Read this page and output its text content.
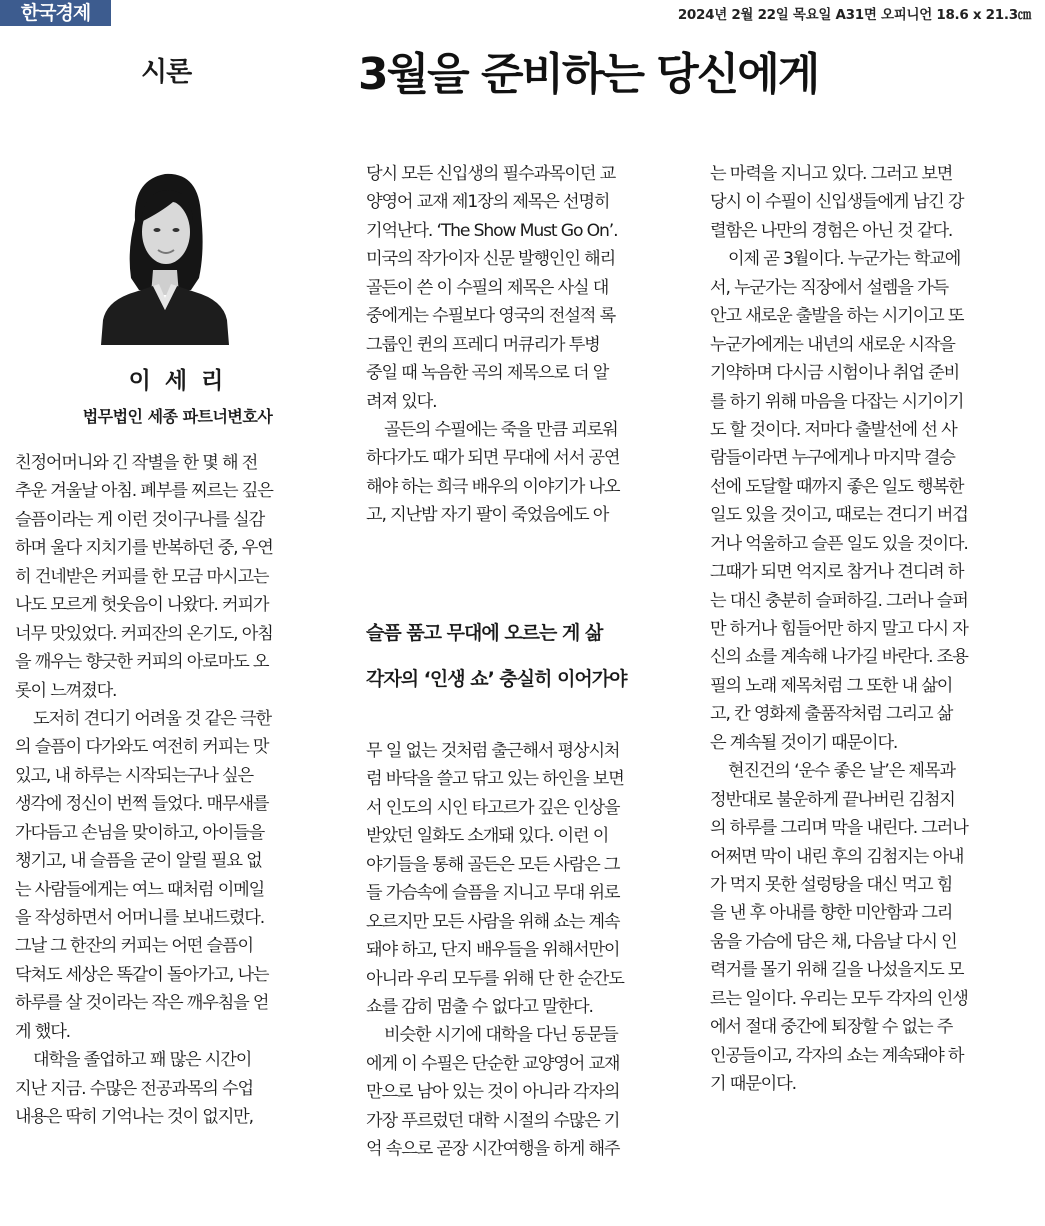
한국경제	2024년 2월 22일 목요일 A31면 오피니언 18.6 x 21.3㎝
시론	3월을 준비하는 당신에게
이 세 리
법무법인 세종 파트너변호사
친정어머니와 긴 작별을 한 몇 해 전
추운 겨울날 아침. 폐부를 찌르는 깊은
슬픔이라는 게 이런 것이구나를 실감
하며 울다 지치기를 반복하던 중, 우연
히 건네받은 커피를 한 모금 마시고는
나도 모르게 헛웃음이 나왔다. 커피가
너무 맛있었다. 커피잔의 온기도, 아침
을 깨우는 향긋한 커피의 아로마도 오
롯이 느껴졌다.
도저히 견디기 어려울 것 같은 극한
의 슬픔이 다가와도 여전히 커피는 맛
있고, 내 하루는 시작되는구나 싶은
생각에 정신이 번쩍 들었다. 매무새를
가다듬고 손님을 맞이하고, 아이들을
챙기고, 내 슬픔을 굳이 알릴 필요 없
는 사람들에게는 여느 때처럼 이메일
을 작성하면서 어머니를 보내드렸다.
그날 그 한잔의 커피는 어떤 슬픔이
닥쳐도 세상은 똑같이 돌아가고, 나는
하루를 살 것이라는 작은 깨우침을 얻
게 했다.
대학을 졸업하고 꽤 많은 시간이
지난 지금. 수많은 전공과목의 수업
내용은 딱히 기억나는 것이 없지만,
당시 모든 신입생의 필수과목이던 교
양영어 교재 제1장의 제목은 선명히
기억난다. ‘The Show Must Go On’.
미국의 작가이자 신문 발행인인 해리
골든이 쓴 이 수필의 제목은 사실 대
중에게는 수필보다 영국의 전설적 록
그룹인 퀸의 프레디 머큐리가 투병
중일 때 녹음한 곡의 제목으로 더 알
려져 있다.
골든의 수필에는 죽을 만큼 괴로워
하다가도 때가 되면 무대에 서서 공연
해야 하는 희극 배우의 이야기가 나오
고, 지난밤 자기 팔이 죽었음에도 아
슬픔 품고 무대에 오르는 게 삶
각자의 ‘인생 쇼’ 충실히 이어가야
무 일 없는 것처럼 출근해서 평상시처
럼 바닥을 쓸고 닦고 있는 하인을 보면
서 인도의 시인 타고르가 깊은 인상을
받았던 일화도 소개돼 있다. 이런 이
야기들을 통해 골든은 모든 사람은 그
들 가슴속에 슬픔을 지니고 무대 위로
오르지만 모든 사람을 위해 쇼는 계속
돼야 하고, 단지 배우들을 위해서만이
아니라 우리 모두를 위해 단 한 순간도
쇼를 감히 멈출 수 없다고 말한다.
비슷한 시기에 대학을 다닌 동문들
에게 이 수필은 단순한 교양영어 교재
만으로 남아 있는 것이 아니라 각자의
가장 푸르렀던 대학 시절의 수많은 기
억 속으로 곧장 시간여행을 하게 해주
는 마력을 지니고 있다. 그러고 보면
당시 이 수필이 신입생들에게 남긴 강
렬함은 나만의 경험은 아닌 것 같다.
이제 곧 3월이다. 누군가는 학교에
서, 누군가는 직장에서 설렘을 가득
안고 새로운 출발을 하는 시기이고 또
누군가에게는 내년의 새로운 시작을
기약하며 다시금 시험이나 취업 준비
를 하기 위해 마음을 다잡는 시기이기
도 할 것이다. 저마다 출발선에 선 사
람들이라면 누구에게나 마지막 결승
선에 도달할 때까지 좋은 일도 행복한
일도 있을 것이고, 때로는 견디기 버겁
거나 억울하고 슬픈 일도 있을 것이다.
그때가 되면 억지로 참거나 견디려 하
는 대신 충분히 슬퍼하길. 그러나 슬퍼
만 하거나 힘들어만 하지 말고 다시 자
신의 쇼를 계속해 나가길 바란다. 조용
필의 노래 제목처럼 그 또한 내 삶이
고, 칸 영화제 출품작처럼 그리고 삶
은 계속될 것이기 때문이다.
현진건의 ‘운수 좋은 날’은 제목과
정반대로 불운하게 끝나버린 김첨지
의 하루를 그리며 막을 내린다. 그러나
어쩌면 막이 내린 후의 김첨지는 아내
가 먹지 못한 설렁탕을 대신 먹고 힘
을 낸 후 아내를 향한 미안함과 그리
움을 가슴에 담은 채, 다음날 다시 인
력거를 몰기 위해 길을 나섰을지도 모
르는 일이다. 우리는 모두 각자의 인생
에서 절대 중간에 퇴장할 수 없는 주
인공들이고, 각자의 쇼는 계속돼야 하
기 때문이다.
